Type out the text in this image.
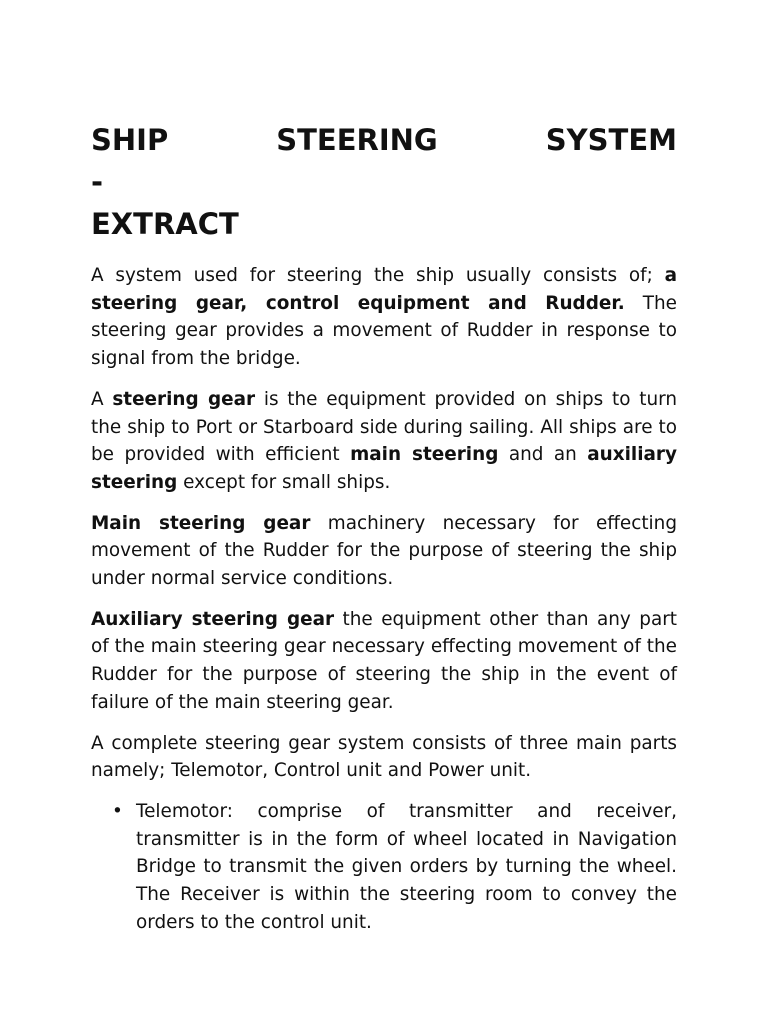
SHIP STEERING SYSTEM -
EXTRACT

A system used for steering the ship usually consists of; a steering gear, control equipment and Rudder. The steering gear provides a movement of Rudder in response to signal from the bridge.

A steering gear is the equipment provided on ships to turn the ship to Port or Starboard side during sailing. All ships are to be provided with efficient main steering and an auxiliary steering except for small ships.

Main steering gear machinery necessary for effecting movement of the Rudder for the purpose of steering the ship under normal service conditions.

Auxiliary steering gear the equipment other than any part of the main steering gear necessary effecting movement of the Rudder for the purpose of steering the ship in the event of failure of the main steering gear.

A complete steering gear system consists of three main parts namely; Telemotor, Control unit and Power unit.

• Telemotor: comprise of transmitter and receiver, transmitter is in the form of wheel located in Navigation Bridge to transmit the given orders by turning the wheel. The Receiver is within the steering room to convey the orders to the control unit.
